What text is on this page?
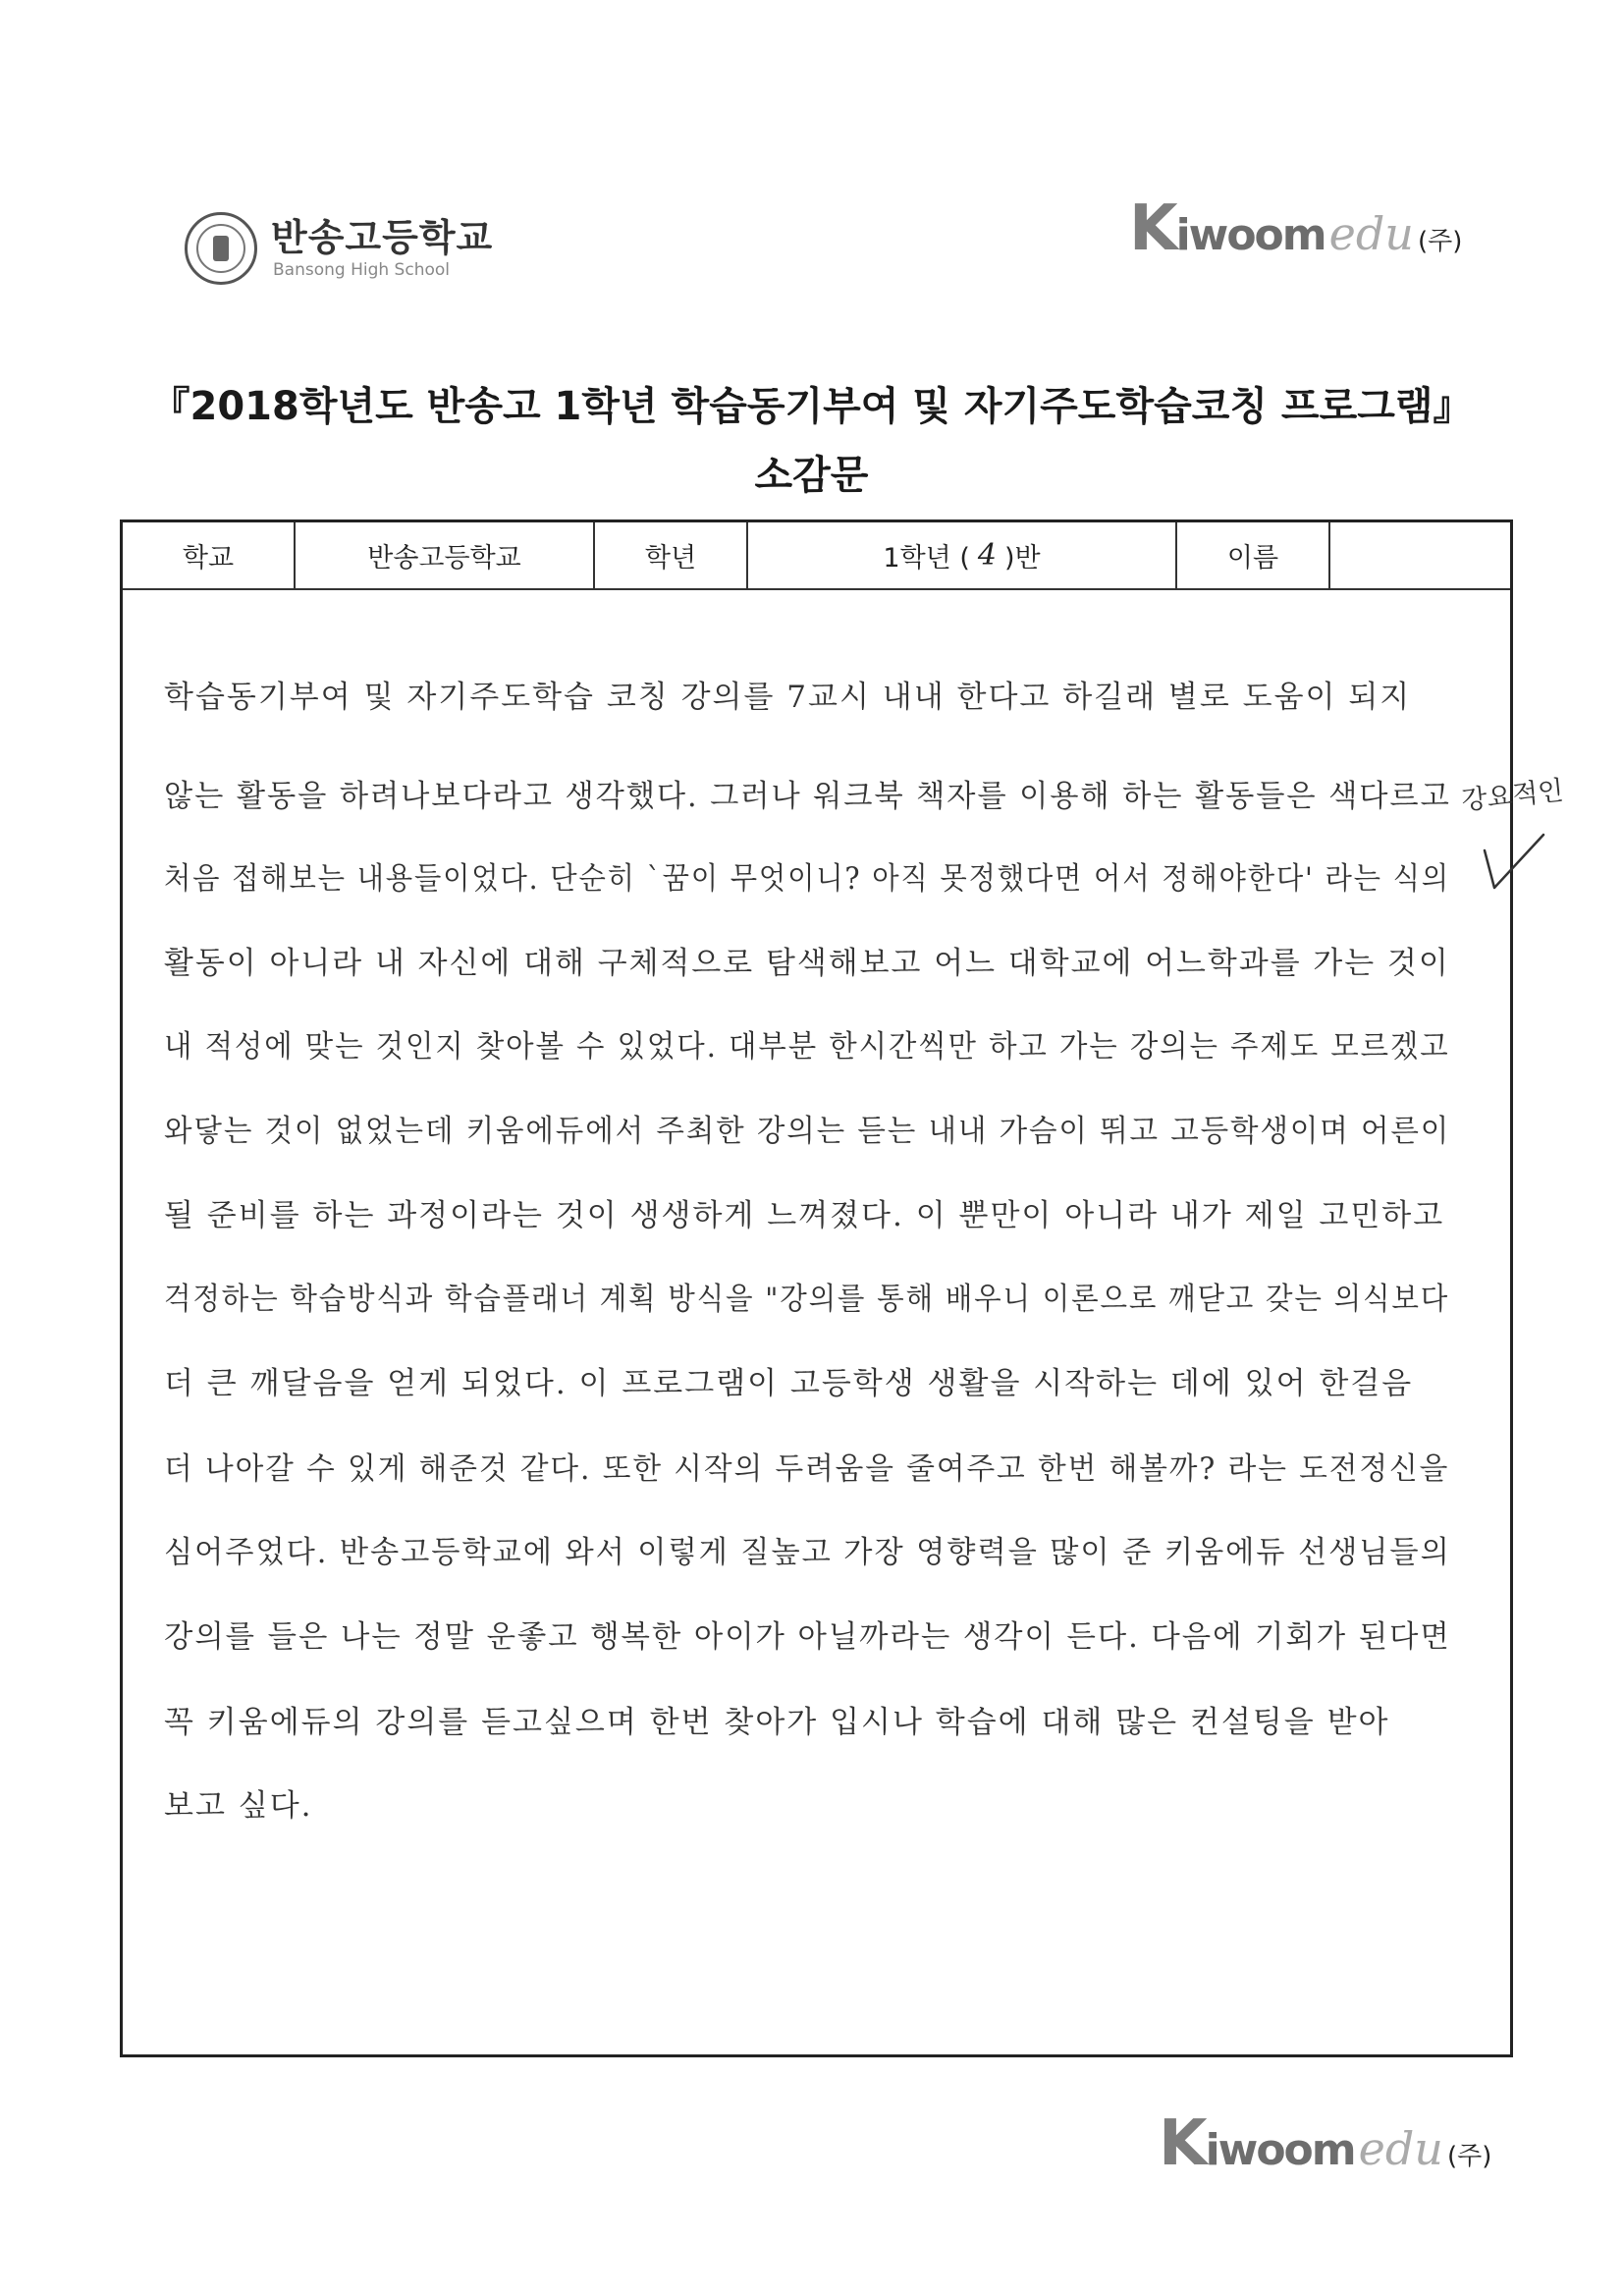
반송고등학교
Bansong High School
K iwoom edu (주)
『2018학년도 반송고 1학년 학습동기부여 및 자기주도학습코칭 프로그램』
소감문
학교	반송고등학교	학년	1학년 ( 4 )반	이름
학습동기부여 및 자기주도학습 코칭 강의를 7교시 내내 한다고 하길래 별로 도움이 되지
않는 활동을 하려나보다라고 생각했다. 그러나 워크북 책자를 이용해 하는 활동들은 색다르고
처음 접해보는 내용들이었다. 단순히 `꿈이 무엇이니? 아직 못정했다면 어서 정해야한다' 라는 식의
활동이 아니라 내 자신에 대해 구체적으로 탐색해보고 어느 대학교에 어느학과를 가는 것이
내 적성에 맞는 것인지 찾아볼 수 있었다. 대부분 한시간씩만 하고 가는 강의는 주제도 모르겠고
와닿는 것이 없었는데 키움에듀에서 주최한 강의는 듣는 내내 가슴이 뛰고 고등학생이며 어른이
될 준비를 하는 과정이라는 것이 생생하게 느껴졌다. 이 뿐만이 아니라 내가 제일 고민하고
걱정하는 학습방식과 학습플래너 계획 방식을 "강의를 통해 배우니 이론으로 깨닫고 갖는 의식보다
더 큰 깨달음을 얻게 되었다. 이 프로그램이 고등학생 생활을 시작하는 데에 있어 한걸음
더 나아갈 수 있게 해준것 같다. 또한 시작의 두려움을 줄여주고 한번 해볼까? 라는 도전정신을
심어주었다. 반송고등학교에 와서 이렇게 질높고 가장 영향력을 많이 준 키움에듀 선생님들의
강의를 들은 나는 정말 운좋고 행복한 아이가 아닐까라는 생각이 든다. 다음에 기회가 된다면
꼭 키움에듀의 강의를 듣고싶으며 한번 찾아가 입시나 학습에 대해 많은 컨설팅을 받아
보고 싶다.
강요적인
K iwoom edu (주)
